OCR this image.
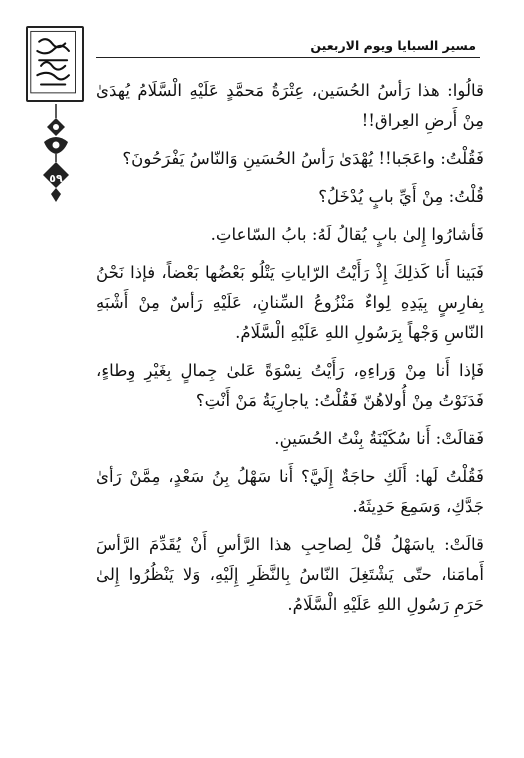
٥٩
مسير السبايا ويوم الاربعين

قالُوا: هذا رَأسُ الحُسَين، عِتْرَةُ مَحمَّدٍ عَلَيْهِ الْسَّلَامُ يُهدَىٰ مِنْ أَرضِ العِراق!!

فَقُلْتُ: واعَجَبا!! يُهْدَىٰ رَأسُ الحُسَينِ وَالنّاسُ يَفْرَحُونَ؟

قُلْتُ: مِنْ أَيِّ بابٍ يُدْخَلُ؟

فَأشارُوا إِلىٰ بابٍ يُقالُ لَهُ: بابُ السّاعاتِ.

فَبَينا أَنا كَذلِكَ إِذْ رَأَيْتُ الرّاياتِ يَتْلُو بَعْضُها بَعْضاً، فإذا نَحْنُ بِفارِسٍ بِيَدِهِ لِواءٌ مَنْزُوعُ السِّنانِ، عَلَيْهِ رَأسٌ مِنْ أَشْبَهِ النّاسِ وَجْهاً بِرَسُولِ اللهِ عَلَيْهِ الْسَّلَامُ.

فَإذا أَنا مِنْ وَراءِهِ، رَأَيْتُ نِسْوَةً عَلىٰ جِمالٍ بِغَيْرِ وِطاءٍ، فَدَنَوْتُ مِنْ أُولاهُنّ فَقُلْتُ: ياجارِيَةُ مَنْ أَنْتِ؟

فَقالَتْ: أَنا سُكَيْنَةُ بِنْتُ الحُسَينِ.

فَقُلْتُ لَها: أَلَكِ حاجَةٌ إِلَيَّ؟ أَنا سَهْلُ بِنُ سَعْدٍ، مِمَّنْ رَأىٰ جَدَّكِ، وَسَمِعَ حَدِيثَهُ.

قالَتْ: ياسَهْلُ قُلْ لِصاحِبِ هذا الرَّأسِ أَنْ يُقَدِّمَ الرَّأسَ أَمامَنا، حتّى يَشْتَغِلَ النّاسُ بِالنَّظَرِ إِلَيْهِ، وَلا يَنْظُرُوا إِلىٰ حَرَمِ رَسُولِ اللهِ عَلَيْهِ الْسَّلَامُ.
